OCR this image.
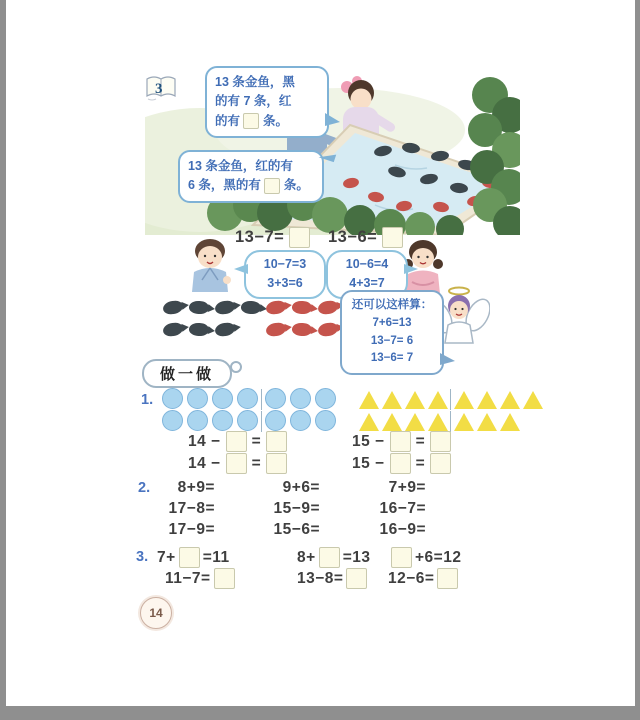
3	13 条金鱼，黑
的有 7 条，红
的有  条。
13 条金鱼，红的有
6 条，黑的有  条。
13−7=	13−6=
10−7=3
3+3=6
10−6=4
4+3=7
还可以这样算：
7+6=13
13−7= 6
13−6= 7
做一做
1.
14 − =
14 − =
15 − =
15 − =
2.	8+9=	9+6=	7+9=
17−8=	15−9=	16−7=
17−9=	15−6=	16−9=
3. 7+ =11	8+ =13	+6=12
11−7=	13−8=	12−6=
14
